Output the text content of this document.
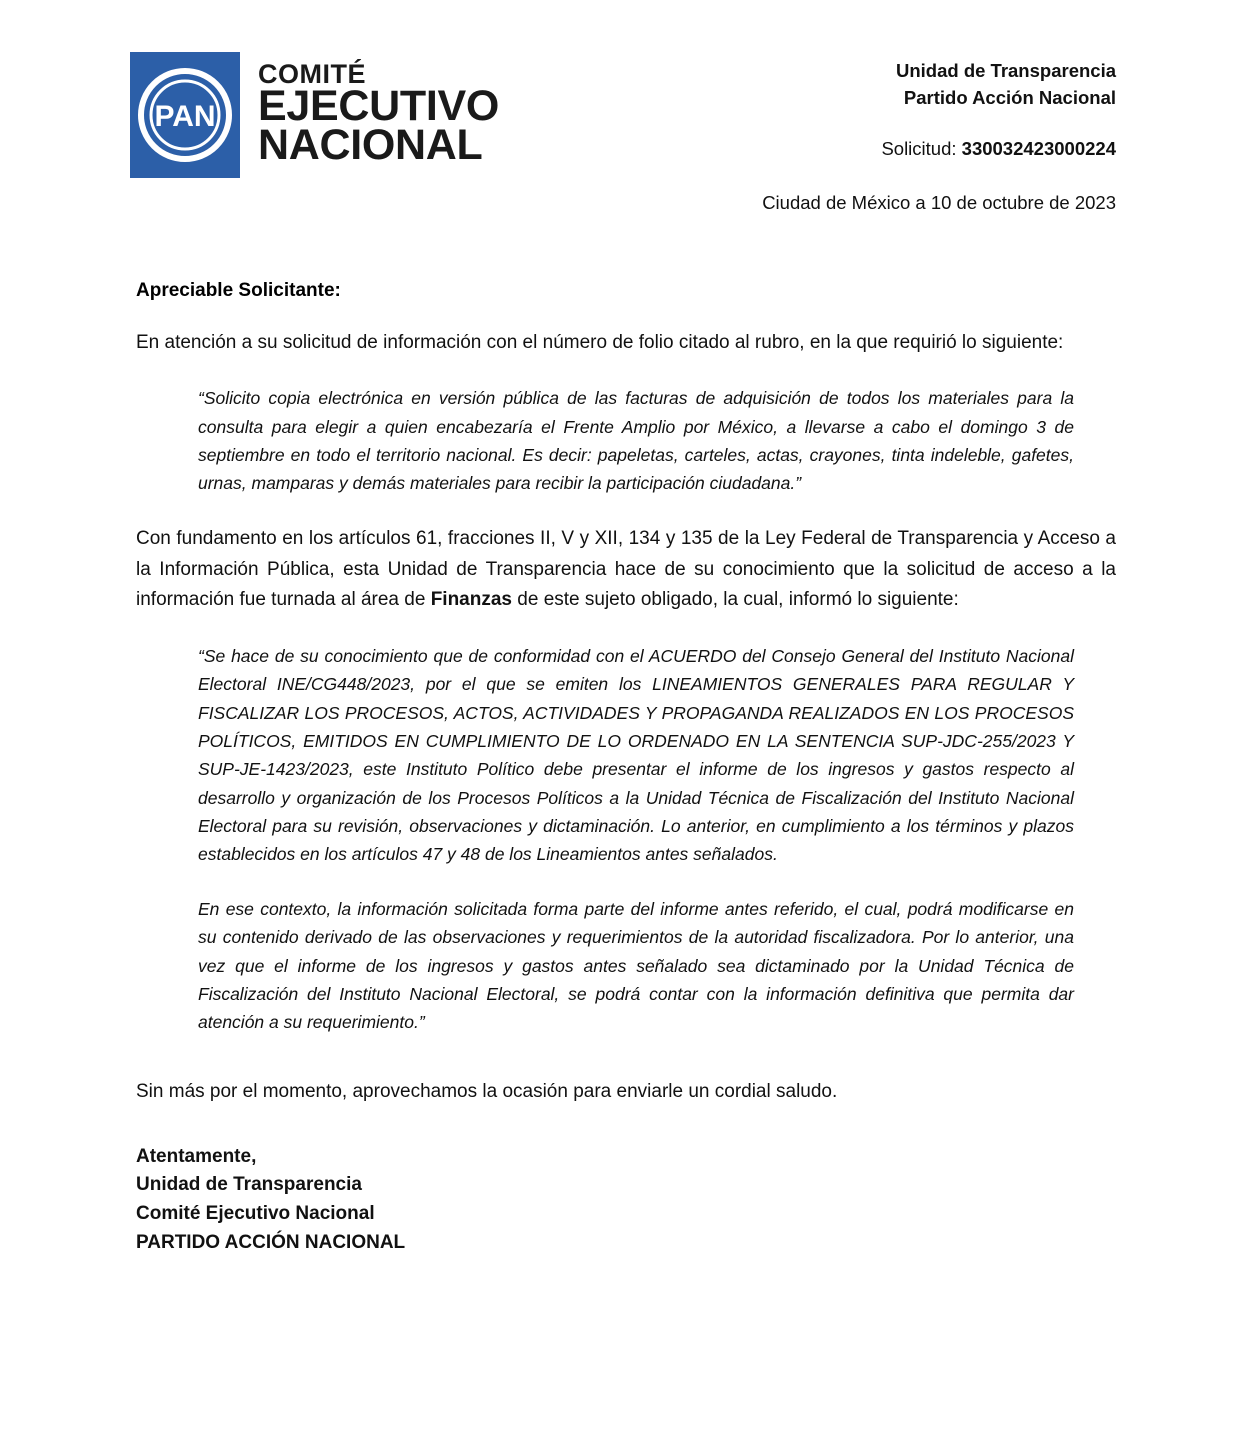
PAN
COMITÉ
EJECUTIVO
NACIONAL
Unidad de Transparencia
Partido Acción Nacional
Solicitud: 330032423000224
Ciudad de México a 10 de octubre de 2023
Apreciable Solicitante:

En atención a su solicitud de información con el número de folio citado al rubro, en la que requirió lo siguiente:

“Solicito copia electrónica en versión pública de las facturas de adquisición de todos los materiales para la consulta para elegir a quien encabezaría el Frente Amplio por México, a llevarse a cabo el domingo 3 de septiembre en todo el territorio nacional. Es decir: papeletas, carteles, actas, crayones, tinta indeleble, gafetes, urnas, mamparas y demás materiales para recibir la participación ciudadana.”

Con fundamento en los artículos 61, fracciones II, V y XII, 134 y 135 de la Ley Federal de Transparencia y Acceso a la Información Pública, esta Unidad de Transparencia hace de su conocimiento que la solicitud de acceso a la información fue turnada al área de Finanzas de este sujeto obligado, la cual, informó lo siguiente:

“Se hace de su conocimiento que de conformidad con el ACUERDO del Consejo General del Instituto Nacional Electoral INE/CG448/2023, por el que se emiten los LINEAMIENTOS GENERALES PARA REGULAR Y FISCALIZAR LOS PROCESOS, ACTOS, ACTIVIDADES Y PROPAGANDA REALIZADOS EN LOS PROCESOS POLÍTICOS, EMITIDOS EN CUMPLIMIENTO DE LO ORDENADO EN LA SENTENCIA SUP-JDC-255/2023 Y SUP-JE-1423/2023, este Instituto Político debe presentar el informe de los ingresos y gastos respecto al desarrollo y organización de los Procesos Políticos a la Unidad Técnica de Fiscalización del Instituto Nacional Electoral para su revisión, observaciones y dictaminación. Lo anterior, en cumplimiento a los términos y plazos establecidos en los artículos 47 y 48 de los Lineamientos antes señalados.
En ese contexto, la información solicitada forma parte del informe antes referido, el cual, podrá modificarse en su contenido derivado de las observaciones y requerimientos de la autoridad fiscalizadora. Por lo anterior, una vez que el informe de los ingresos y gastos antes señalado sea dictaminado por la Unidad Técnica de Fiscalización del Instituto Nacional Electoral, se podrá contar con la información definitiva que permita dar atención a su requerimiento.”
Sin más por el momento, aprovechamos la ocasión para enviarle un cordial saludo.
Atentamente,
Unidad de Transparencia
Comité Ejecutivo Nacional
PARTIDO ACCIÓN NACIONAL
